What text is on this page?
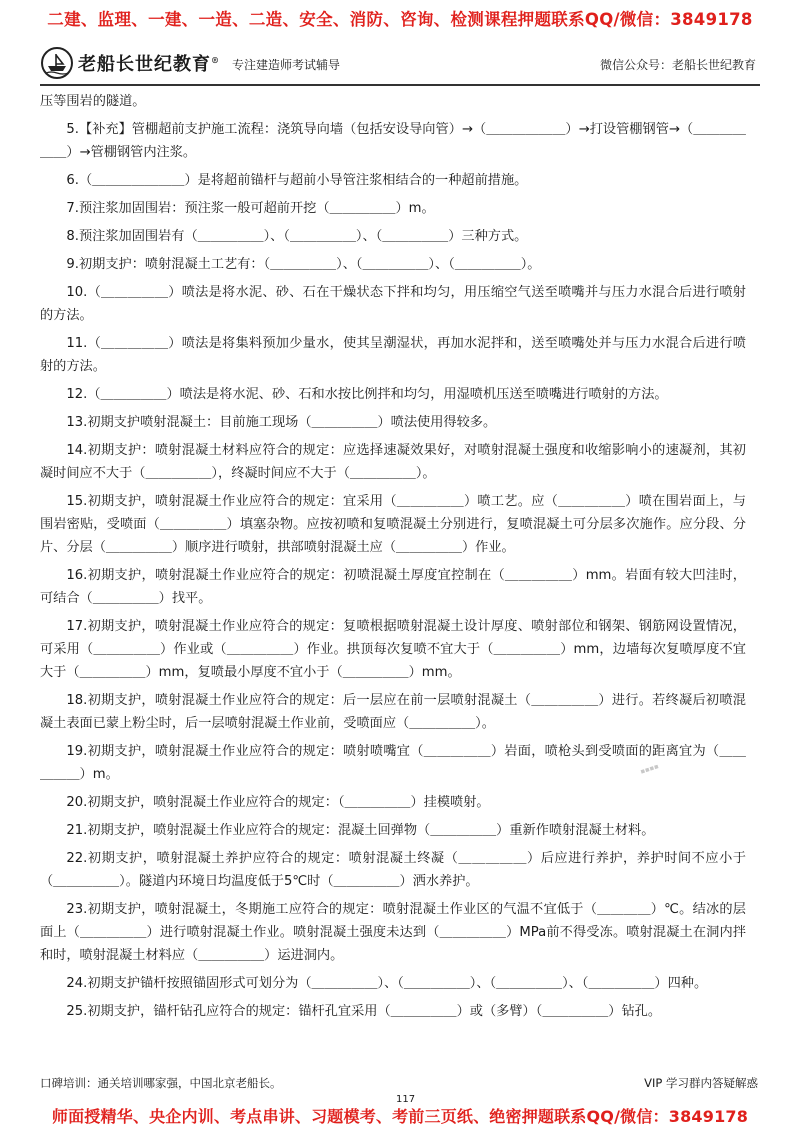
二建、监理、一建、一造、二造、安全、消防、咨询、检测课程押题联系QQ/微信：3849178
老船长世纪教育® 专注建造师考试辅导	微信公众号：老船长世纪教育

压等围岩的隧道。

5.【补充】管棚超前支护施工流程：浇筑导向墙（包括安设导向管）→（＿＿＿＿＿＿）→打设管棚钢管→（＿＿＿＿＿＿）→管棚钢管内注浆。

6.（＿＿＿＿＿＿＿）是将超前锚杆与超前小导管注浆相结合的一种超前措施。

7.预注浆加固围岩：预注浆一般可超前开挖（＿＿＿＿＿）m。

8.预注浆加固围岩有（＿＿＿＿＿）、（＿＿＿＿＿）、（＿＿＿＿＿）三种方式。

9.初期支护：喷射混凝土工艺有：（＿＿＿＿＿）、（＿＿＿＿＿）、（＿＿＿＿＿）。

10.（＿＿＿＿＿）喷法是将水泥、砂、石在干燥状态下拌和均匀，用压缩空气送至喷嘴并与压力水混合后进行喷射的方法。

11.（＿＿＿＿＿）喷法是将集料预加少量水，使其呈潮湿状，再加水泥拌和，送至喷嘴处并与压力水混合后进行喷射的方法。

12.（＿＿＿＿＿）喷法是将水泥、砂、石和水按比例拌和均匀，用湿喷机压送至喷嘴进行喷射的方法。

13.初期支护喷射混凝土：目前施工现场（＿＿＿＿＿）喷法使用得较多。

14.初期支护：喷射混凝土材料应符合的规定：应选择速凝效果好，对喷射混凝土强度和收缩影响小的速凝剂，其初凝时间应不大于（＿＿＿＿＿），终凝时间应不大于（＿＿＿＿＿）。

15.初期支护，喷射混凝土作业应符合的规定：宜采用（＿＿＿＿＿）喷工艺。应（＿＿＿＿＿）喷在围岩面上，与围岩密贴，受喷面（＿＿＿＿＿）填塞杂物。应按初喷和复喷混凝土分别进行，复喷混凝土可分层多次施作。应分段、分片、分层（＿＿＿＿＿）顺序进行喷射，拱部喷射混凝土应（＿＿＿＿＿）作业。

16.初期支护，喷射混凝土作业应符合的规定：初喷混凝土厚度宜控制在（＿＿＿＿＿）mm。岩面有较大凹洼时，可结合（＿＿＿＿＿）找平。

17.初期支护，喷射混凝土作业应符合的规定：复喷根据喷射混凝土设计厚度、喷射部位和钢架、钢筋网设置情况，可采用（＿＿＿＿＿）作业或（＿＿＿＿＿）作业。拱顶每次复喷不宜大于（＿＿＿＿＿）mm，边墙每次复喷厚度不宜大于（＿＿＿＿＿）mm，复喷最小厚度不宜小于（＿＿＿＿＿）mm。

18.初期支护，喷射混凝土作业应符合的规定：后一层应在前一层喷射混凝土（＿＿＿＿＿）进行。若终凝后初喷混凝土表面已蒙上粉尘时，后一层喷射混凝土作业前，受喷面应（＿＿＿＿＿）。

19.初期支护，喷射混凝土作业应符合的规定：喷射喷嘴宜（＿＿＿＿＿）岩面，喷枪头到受喷面的距离宜为（＿＿＿＿＿）m。

20.初期支护，喷射混凝土作业应符合的规定：（＿＿＿＿＿）挂模喷射。

21.初期支护，喷射混凝土作业应符合的规定：混凝土回弹物（＿＿＿＿＿）重新作喷射混凝土材料。

22.初期支护，喷射混凝土养护应符合的规定：喷射混凝土终凝（＿＿＿＿＿）后应进行养护，养护时间不应小于（＿＿＿＿＿）。隧道内环境日均温度低于5℃时（＿＿＿＿＿）洒水养护。

23.初期支护，喷射混凝土，冬期施工应符合的规定：喷射混凝土作业区的气温不宜低于（＿＿＿＿）℃。结冰的层面上（＿＿＿＿＿）进行喷射混凝土作业。喷射混凝土强度未达到（＿＿＿＿＿）MPa前不得受冻。喷射混凝土在洞内拌和时，喷射混凝土材料应（＿＿＿＿＿）运进洞内。

24.初期支护锚杆按照锚固形式可划分为（＿＿＿＿＿）、（＿＿＿＿＿）、（＿＿＿＿＿）、（＿＿＿＿＿）四种。

25.初期支护，锚杆钻孔应符合的规定：锚杆孔宜采用（＿＿＿＿＿）或（多臂）（＿＿＿＿＿）钻孔。

▪▪▪▪
口碑培训：通关培训哪家强，中国北京老船长。	VIP 学习群内答疑解惑
117
师面授精华、央企内训、考点串讲、习题模考、考前三页纸、绝密押题联系QQ/微信：3849178
